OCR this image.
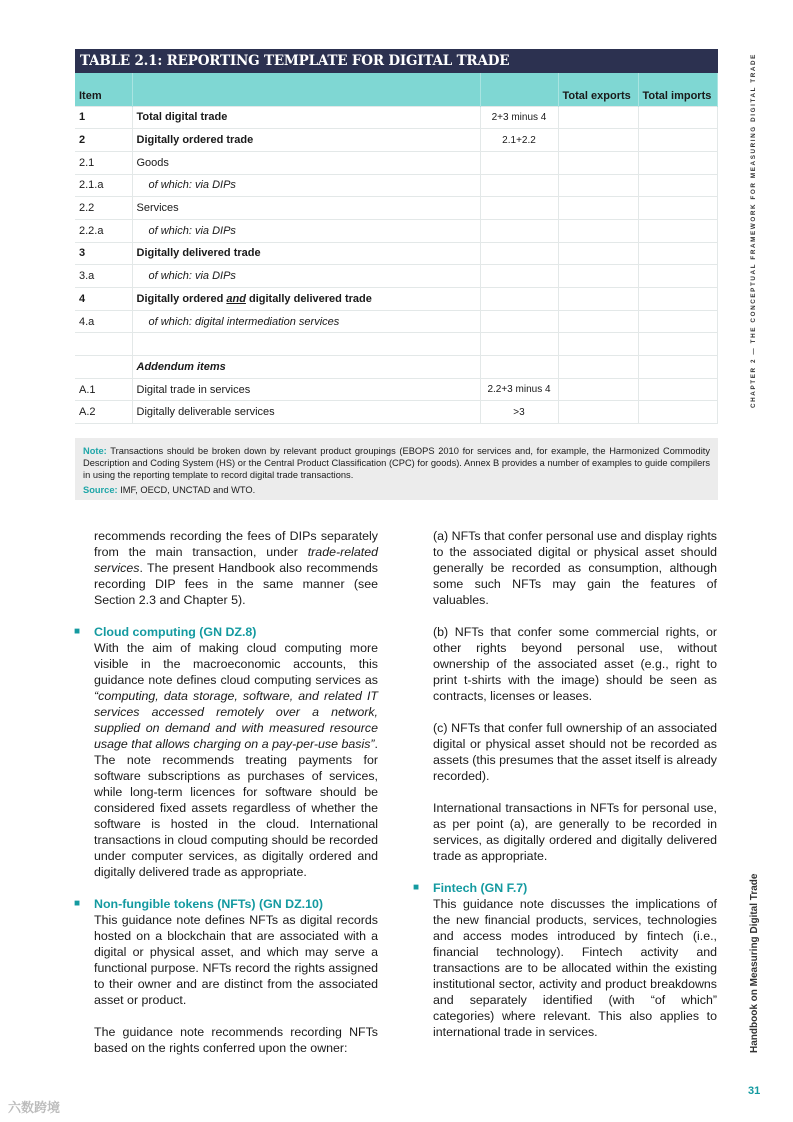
TABLE 2.1: REPORTING TEMPLATE FOR DIGITAL TRADE
Item			Total exports	Total imports
1	Total digital trade	2+3 minus 4		
2	Digitally ordered trade	2.1+2.2		
2.1	Goods			
2.1.a	of which: via DIPs			
2.2	Services			
2.2.a	of which: via DIPs			
3	Digitally delivered trade			
3.a	of which: via DIPs			
4	Digitally ordered and digitally delivered trade			
4.a	of which: digital intermediation services			

	Addendum items			
A.1	Digital trade in services	2.2+3 minus 4		
A.2	Digitally deliverable services	>3		
Note: Transactions should be broken down by relevant product groupings (EBOPS 2010 for services and, for example, the Harmonized Commodity Description and Coding System (HS) or the Central Product Classification (CPC) for goods). Annex B provides a number of examples to guide compilers in using the reporting template to record digital trade transactions.

Source: IMF, OECD, UNCTAD and WTO.

recommends recording the fees of DIPs separately from the main transaction, under trade-related services. The present Handbook also recommends recording DIP fees in the same manner (see Section 2.3 and Chapter 5).

■ Cloud computing (GN DZ.8)

With the aim of making cloud computing more visible in the macroeconomic accounts, this guidance note defines cloud computing services as “computing, data storage, software, and related IT services accessed remotely over a network, supplied on demand and with measured resource usage that allows charging on a pay-per-use basis”. The note recommends treating payments for software subscriptions as purchases of services, while long-term licences for software should be considered fixed assets regardless of whether the software is hosted in the cloud. International transactions in cloud computing should be recorded under computer services, as digitally ordered and digitally delivered trade as appropriate.

■ Non-fungible tokens (NFTs) (GN DZ.10)

This guidance note defines NFTs as digital records hosted on a blockchain that are associated with a digital or physical asset, and which may serve a functional purpose. NFTs record the rights assigned to their owner and are distinct from the associated asset or product.

The guidance note recommends recording NFTs based on the rights conferred upon the owner:

(a) NFTs that confer personal use and display rights to the associated digital or physical asset should generally be recorded as consumption, although some such NFTs may gain the features of valuables.

(b) NFTs that confer some commercial rights, or other rights beyond personal use, without ownership of the associated asset (e.g., right to print t-shirts with the image) should be seen as contracts, licenses or leases.

(c) NFTs that confer full ownership of an associated digital or physical asset should not be recorded as assets (this presumes that the asset itself is already recorded).

International transactions in NFTs for personal use, as per point (a), are generally to be recorded in services, as digitally ordered and digitally delivered trade as appropriate.

■ Fintech (GN F.7)

This guidance note discusses the implications of the new financial products, services, technologies and access modes introduced by fintech (i.e., financial technology). Fintech activity and transactions are to be allocated within the existing institutional sector, activity and product breakdowns and separately identified (with “of which” categories) where relevant. This also applies to international trade in services.

CHAPTER 2 — THE CONCEPTUAL FRAMEWORK FOR MEASURING DIGITAL TRADE
Handbook on Measuring Digital Trade
31
六数跨境
